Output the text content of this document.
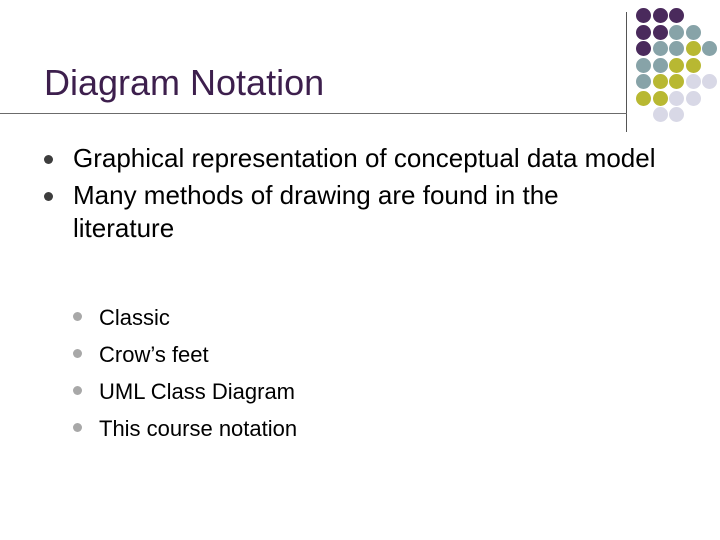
Diagram Notation
Graphical representation of conceptual data model
Many methods of drawing are found in the literature
Classic
Crow’s feet
UML Class Diagram
This course notation
